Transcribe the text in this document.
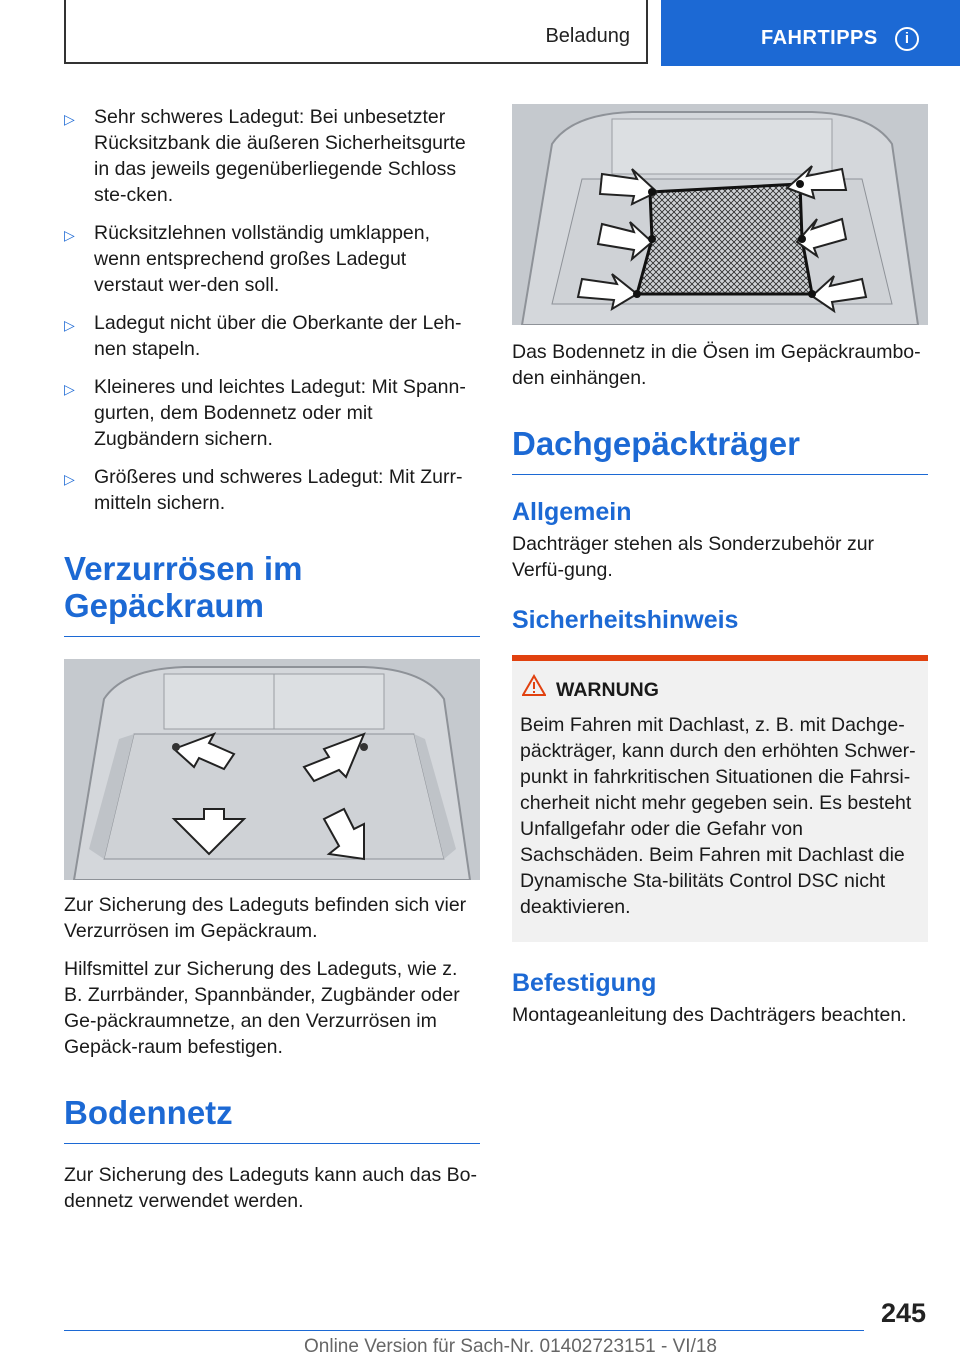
Beladung	FAHRTIPPS	i
▷ Sehr schweres Ladegut: Bei unbesetzter Rücksitzbank die äußeren Sicherheitsgurte in das jeweils gegenüberliegende Schloss ste-cken.
▷ Rücksitzlehnen vollständig umklappen, wenn entsprechend großes Ladegut verstaut wer-den soll.
▷ Ladegut nicht über die Oberkante der Leh-nen stapeln.
▷ Kleineres und leichtes Ladegut: Mit Spann-gurten, dem Bodennetz oder mit Zugbändern sichern.
▷ Größeres und schweres Ladegut: Mit Zurr-mitteln sichern.
Verzurrösen im Gepäckraum

Zur Sicherung des Ladeguts befinden sich vier Verzurrösen im Gepäckraum.

Hilfsmittel zur Sicherung des Ladeguts, wie z. B. Zurrbänder, Spannbänder, Zugbänder oder Ge-päckraumnetze, an den Verzurrösen im Gepäck-raum befestigen.

Bodennetz

Zur Sicherung des Ladeguts kann auch das Bo-dennetz verwendet werden.

Das Bodennetz in die Ösen im Gepäckraumbo-den einhängen.

Dachgepäckträger
Allgemein

Dachträger stehen als Sonderzubehör zur Verfü-gung.

Sicherheitshinweis
WARNUNG

Beim Fahren mit Dachlast, z. B. mit Dachge-päckträger, kann durch den erhöhten Schwer-punkt in fahrkritischen Situationen die Fahrsi-cherheit nicht mehr gegeben sein. Es besteht Unfallgefahr oder die Gefahr von Sachschäden. Beim Fahren mit Dachlast die Dynamische Sta-bilitäts Control DSC nicht deaktivieren.

Befestigung

Montageanleitung des Dachträgers beachten.

245
Online Version für Sach-Nr. 01402723151 - VI/18
